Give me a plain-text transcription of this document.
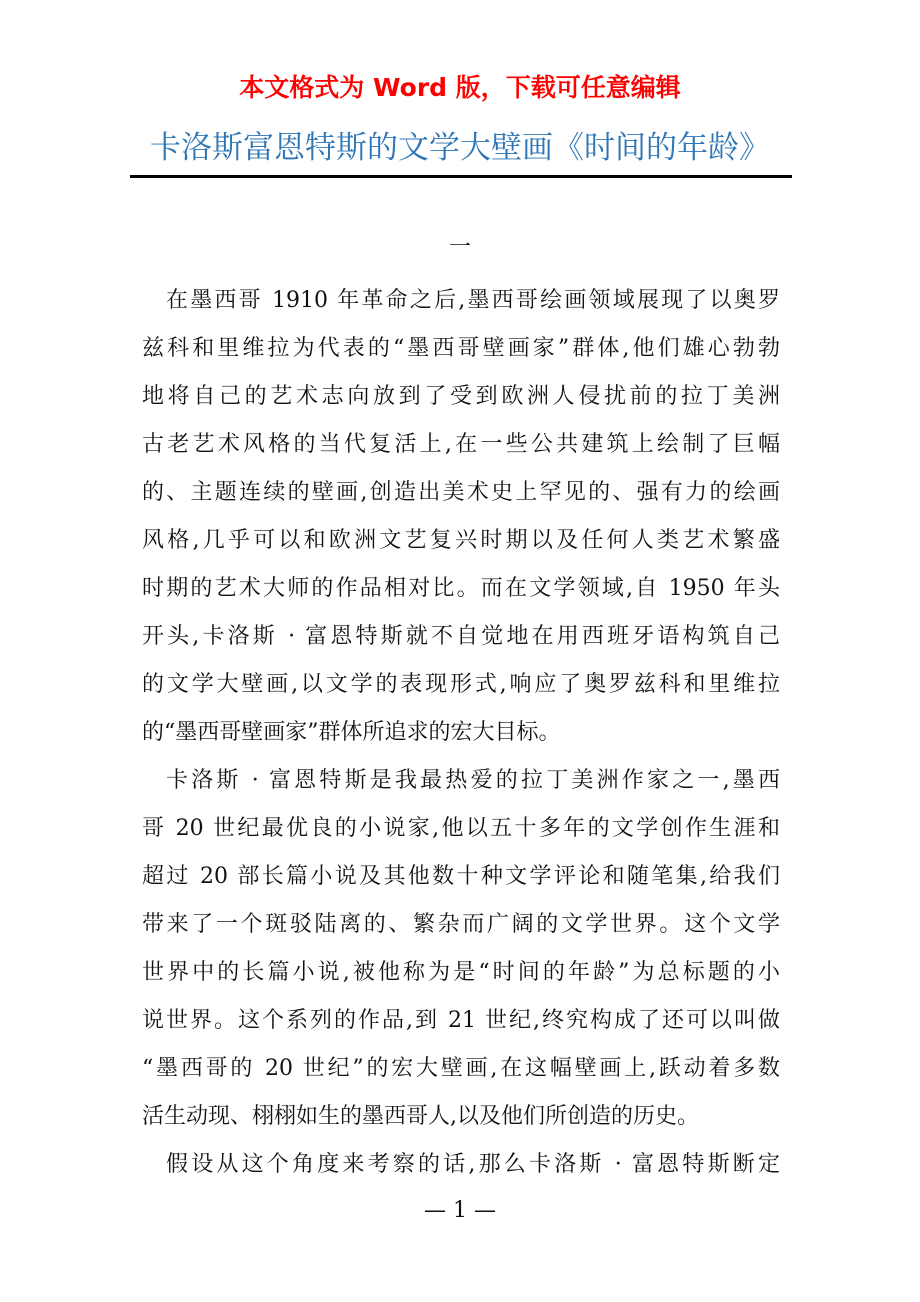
本文格式为 Word 版，下载可任意编辑
卡洛斯富恩特斯的文学大壁画《时间的年龄》
一
在墨西哥 1910 年革命之后,墨西哥绘画领域展现了以奥罗
兹科和里维拉为代表的“墨西哥壁画家”群体,他们雄心勃勃
地将自己的艺术志向放到了受到欧洲人侵扰前的拉丁美洲
古老艺术风格的当代复活上,在一些公共建筑上绘制了巨幅
的、主题连续的壁画,创造出美术史上罕见的、强有力的绘画
风格,几乎可以和欧洲文艺复兴时期以及任何人类艺术繁盛
时期的艺术大师的作品相对比。而在文学领域,自 1950 年头
开头,卡洛斯 · 富恩特斯就不自觉地在用西班牙语构筑自己
的文学大壁画,以文学的表现形式,响应了奥罗兹科和里维拉
的“墨西哥壁画家”群体所追求的宏大目标。
卡洛斯 · 富恩特斯是我最热爱的拉丁美洲作家之一,墨西
哥 20 世纪最优良的小说家,他以五十多年的文学创作生涯和
超过 20 部长篇小说及其他数十种文学评论和随笔集,给我们
带来了一个斑驳陆离的、繁杂而广阔的文学世界。这个文学
世界中的长篇小说,被他称为是“时间的年龄”为总标题的小
说世界。这个系列的作品,到 21 世纪,终究构成了还可以叫做
“墨西哥的 20 世纪”的宏大壁画,在这幅壁画上,跃动着多数
活生动现、栩栩如生的墨西哥人,以及他们所创造的历史。
假设从这个角度来考察的话,那么卡洛斯 · 富恩特斯断定
— 1 —
